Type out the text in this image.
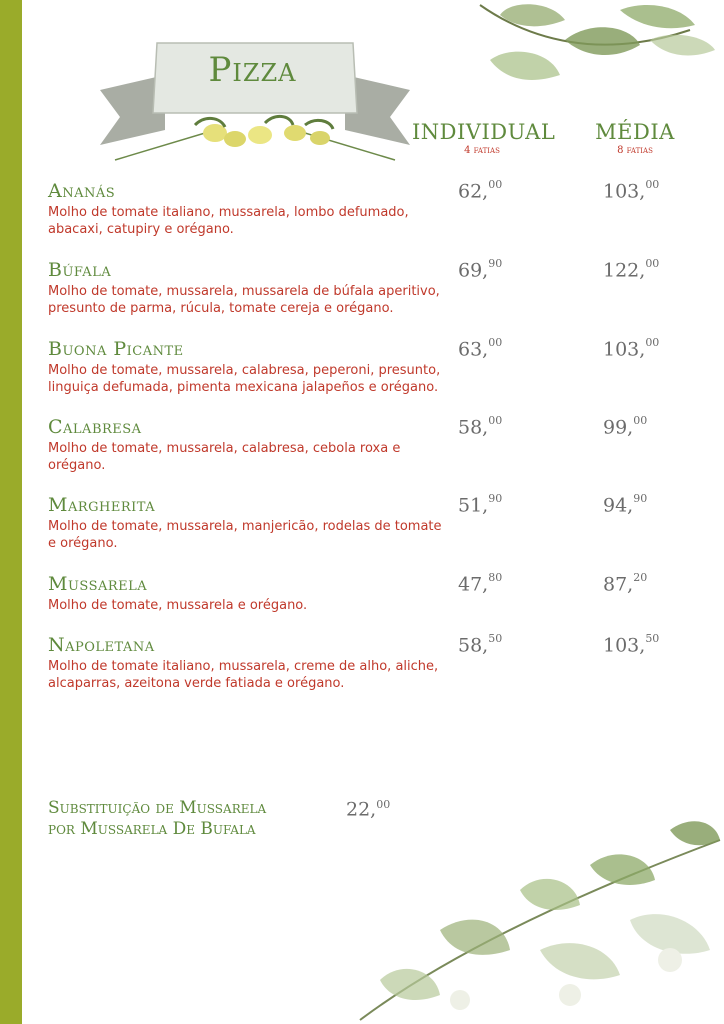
Pizza
INDIVIDUAL
4 fatias
MÉDIA
8 fatias
Ananás
Molho de tomate italiano, mussarela, lombo defumado, abacaxi, catupiry e orégano.
62,00	103,00
Búfala
Molho de tomate, mussarela, mussarela de búfala aperitivo, presunto de parma, rúcula, tomate cereja e orégano.
69,90	122,00
Buona Picante
Molho de tomate, mussarela, calabresa, peperoni, presunto, linguiça defumada, pimenta mexicana jalapeños e orégano.
63,00	103,00
Calabresa
Molho de tomate, mussarela, calabresa, cebola roxa e orégano.
58,00	99,00
Margherita
Molho de tomate, mussarela, manjericão, rodelas de tomate e orégano.
51,90	94,90
Mussarela
Molho de tomate, mussarela e orégano.
47,80	87,20
Napoletana
Molho de tomate italiano, mussarela, creme de alho, aliche, alcaparras, azeitona verde fatiada e orégano.
58,50	103,50
Substituição de Mussarela
por Mussarela De Bufala
22,00
